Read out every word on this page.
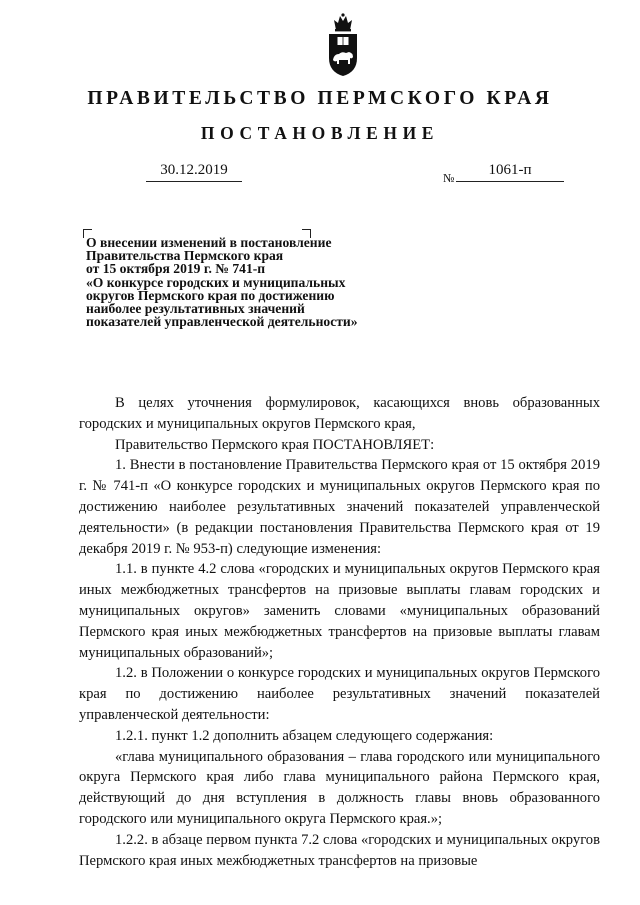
ПРАВИТЕЛЬСТВО ПЕРМСКОГО КРАЯ
ПОСТАНОВЛЕНИЕ
30.12.2019	№	1061-п
О внесении изменений в постановление
Правительства Пермского края
от 15 октября 2019 г. № 741-п
«О конкурсе городских и муниципальных
округов Пермского края по достижению
наиболее результативных значений
показателей управленческой деятельности»

В целях уточнения формулировок, касающихся вновь образованных городских и муниципальных округов Пермского края,

Правительство Пермского края ПОСТАНОВЛЯЕТ:

1. Внести в постановление Правительства Пермского края от 15 октября 2019 г. № 741-п «О конкурсе городских и муниципальных округов Пермского края по достижению наиболее результативных значений показателей управленческой деятельности» (в редакции постановления Правительства Пермского края от 19 декабря 2019 г. № 953-п) следующие изменения:

1.1. в пункте 4.2 слова «городских и муниципальных округов Пермского края иных межбюджетных трансфертов на призовые выплаты главам городских и муниципальных округов» заменить словами «муниципальных образований Пермского края иных межбюджетных трансфертов на призовые выплаты главам муниципальных образований»;

1.2. в Положении о конкурсе городских и муниципальных округов Пермского края по достижению наиболее результативных значений показателей управленческой деятельности:

1.2.1. пункт 1.2 дополнить абзацем следующего содержания:

«глава муниципального образования – глава городского или муниципального округа Пермского края либо глава муниципального района Пермского края, действующий до дня вступления в должность главы вновь образованного городского или муниципального округа Пермского края.»;

1.2.2. в абзаце первом пункта 7.2 слова «городских и муниципальных округов Пермского края иных межбюджетных трансфертов на призовые
